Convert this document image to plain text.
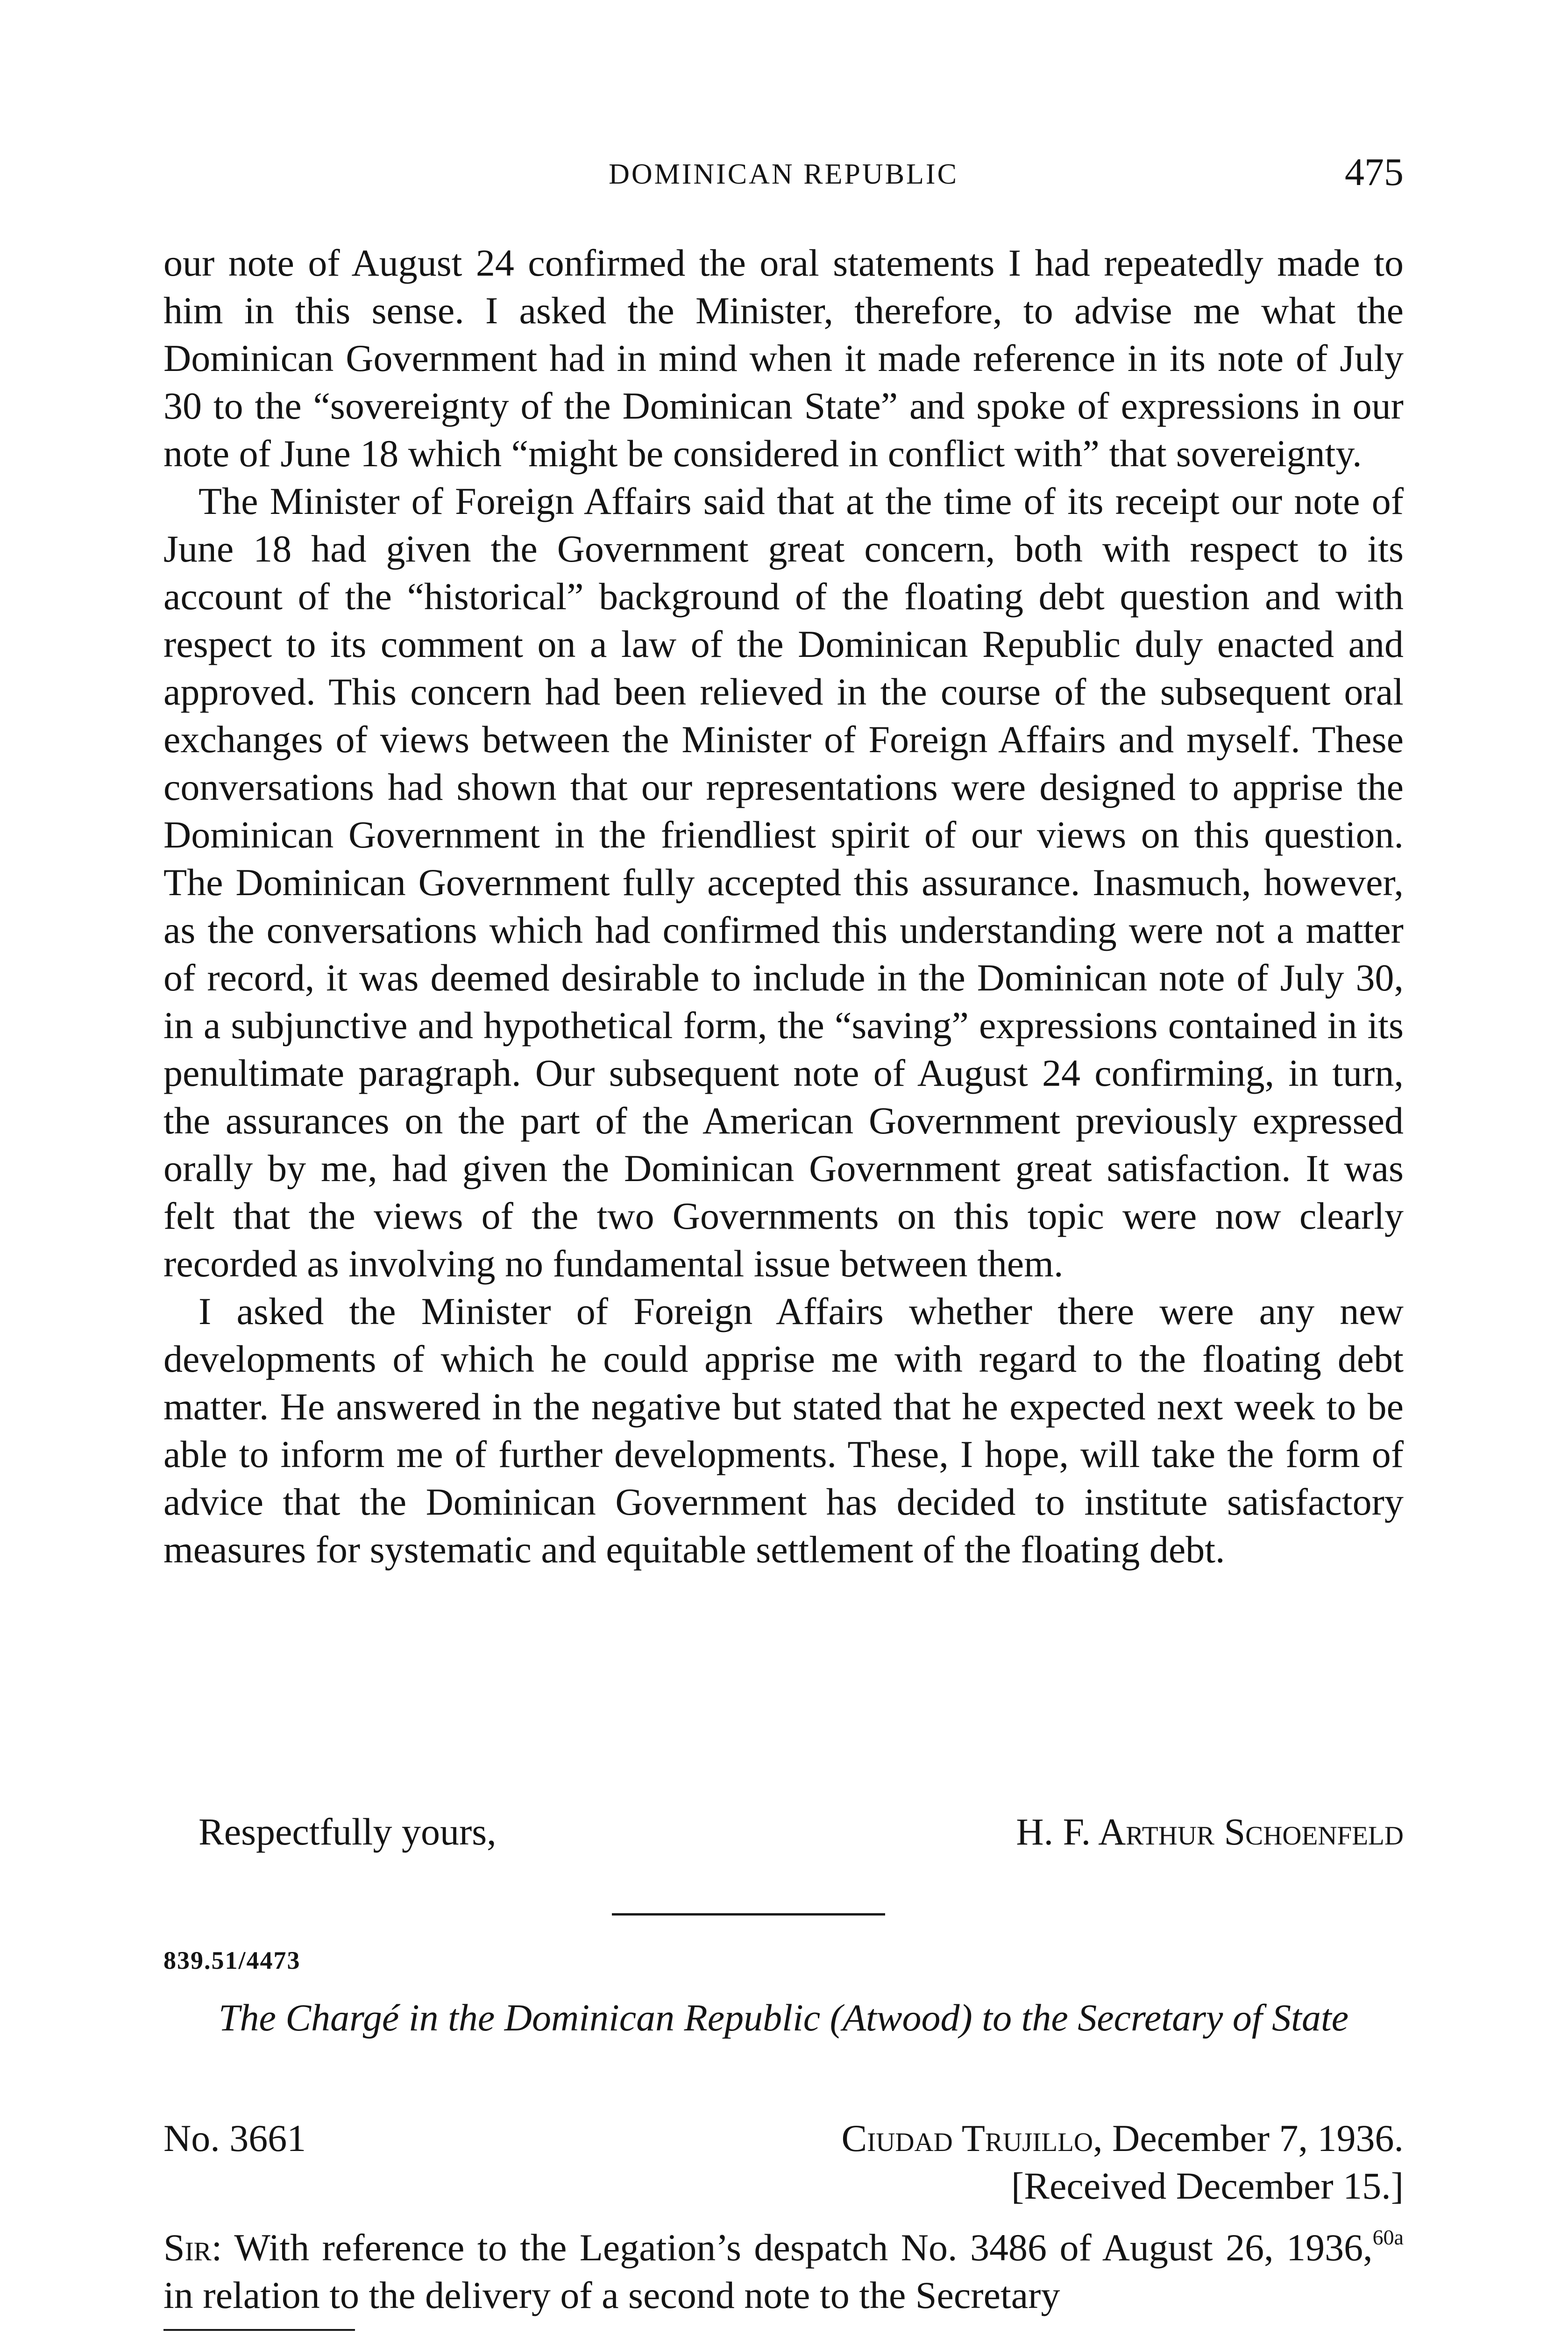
DOMINICAN REPUBLIC	475

our note of August 24 confirmed the oral statements I had repeatedly made to him in this sense. I asked the Minister, therefore, to advise me what the Dominican Government had in mind when it made reference in its note of July 30 to the “sovereignty of the Dominican State” and spoke of expressions in our note of June 18 which “might be considered in conflict with” that sovereignty.

The Minister of Foreign Affairs said that at the time of its receipt our note of June 18 had given the Government great concern, both with respect to its account of the “historical” background of the floating debt question and with respect to its comment on a law of the Dominican Republic duly enacted and approved. This concern had been relieved in the course of the subsequent oral exchanges of views between the Minister of Foreign Affairs and myself. These conversations had shown that our representations were designed to apprise the Dominican Government in the friendliest spirit of our views on this question. The Dominican Government fully accepted this assurance. Inasmuch, however, as the conversations which had confirmed this understanding were not a matter of record, it was deemed desirable to include in the Dominican note of July 30, in a subjunctive and hypothetical form, the “saving” expressions contained in its penultimate paragraph. Our subsequent note of August 24 confirming, in turn, the assurances on the part of the American Government previously expressed orally by me, had given the Dominican Government great satisfaction. It was felt that the views of the two Governments on this topic were now clearly recorded as involving no fundamental issue between them.

I asked the Minister of Foreign Affairs whether there were any new developments of which he could apprise me with regard to the floating debt matter. He answered in the negative but stated that he expected next week to be able to inform me of further developments. These, I hope, will take the form of advice that the Dominican Government has decided to institute satisfactory measures for systematic and equitable settlement of the floating debt.

Respectfully yours,	H. F. Arthur Schoenfeld
839.51/4473
The Chargé in the Dominican Republic (Atwood) to the Secretary of State
No. 3661	Ciudad Trujillo, December 7, 1936.
[Received December 15.]
Sir: With reference to the Legation’s despatch No. 3486 of August 26, 1936,$^{60a}$ in relation to the delivery of a second note to the Secretary
